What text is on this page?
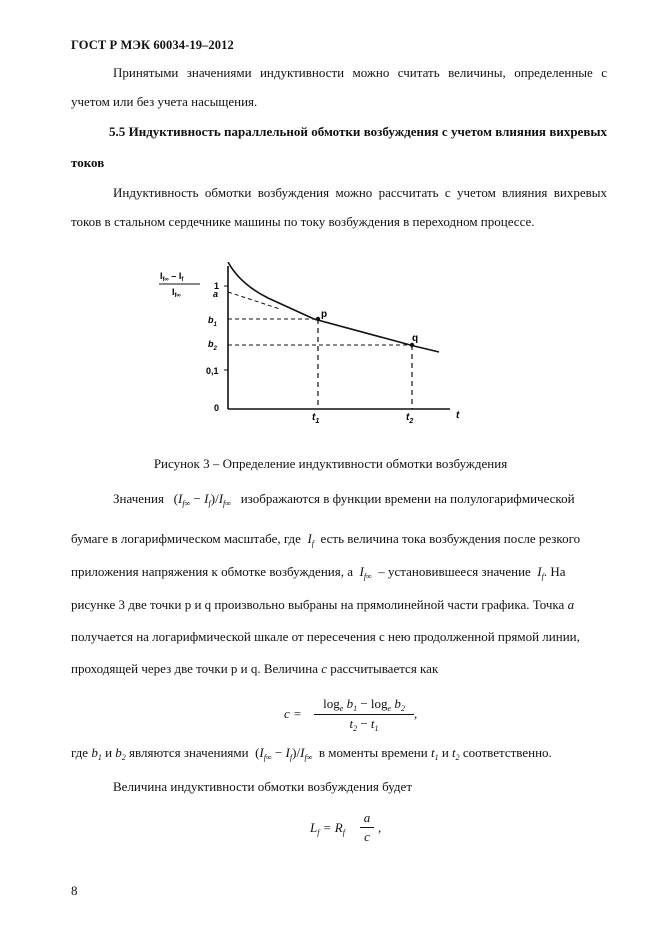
ГОСТ Р МЭК 60034-19–2012
Принятыми значениями индуктивности можно считать величины, определенные с учетом или без учета насыщения.
5.5 Индуктивность параллельной обмотки возбуждения с учетом влияния вихревых токов
Индуктивность обмотки возбуждения можно рассчитать с учетом влияния вихревых токов в стальном сердечнике машины по току возбуждения в переходном процессе.
$I_{f\infty} - I_f$
$I_{f\infty}$
1
a
$b_1$
$b_2$
0,1
0
p
q
$t_1$	$t_2$
t
Рисунок 3 – Определение индуктивности обмотки возбуждения
Значения $(I_{f\infty} - I_f)/I_{f\infty}$ изображаются в функции времени на полулогарифмической
бумаге в логарифмическом масштабе, где $I_f$ есть величина тока возбуждения после резкого
приложения напряжения к обмотке возбуждения, а $I_{f\infty}$ – установившееся значение $I_f$. На
рисунке 3 две точки p и q произвольно выбраны на прямолинейной части графика. Точка a
получается на логарифмической шкале от пересечения с нею продолженной прямой линии,
проходящей через две точки p и q. Величина c рассчитывается как
c =
$\log_e b_1 - \log_e b_2$
$t_2 - t_1$
,
где $b_1$ и $b_2$ являются значениями $(I_{f\infty} - I_f)/I_{f\infty}$ в моменты времени $t_1$ и $t_2$ соответственно.
Величина индуктивности обмотки возбуждения будет
$L_f = R_f$
a
c
,
8
